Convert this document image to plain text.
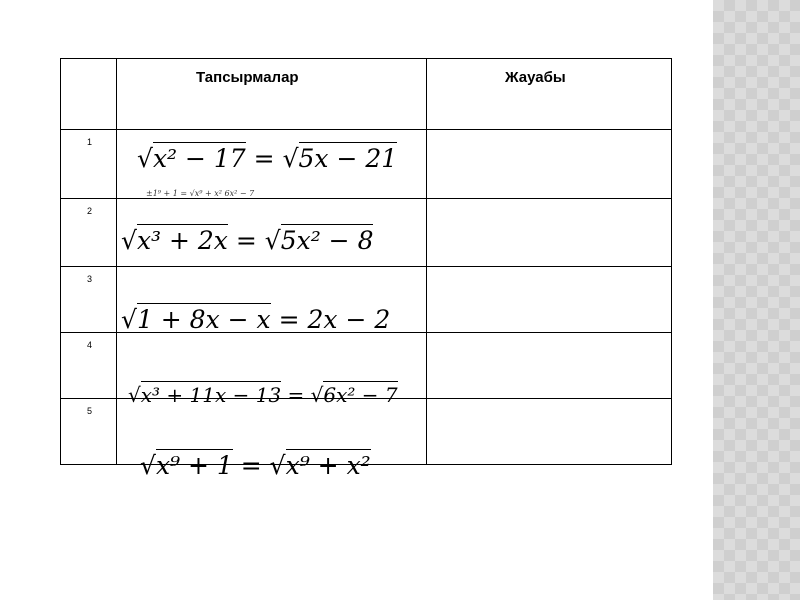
Тапсырмалар	Жауабы
1
2
3
4
5
√x² − 17 = √5x − 21
±1⁹ + 1 = √x⁹ + x² 6x² − 7
√x³ + 2x = √5x² − 8
√1 + 8x − x = 2x − 2
√x³ + 11x − 13 = √6x² − 7
√x⁹ + 1 = √x⁹ + x²
